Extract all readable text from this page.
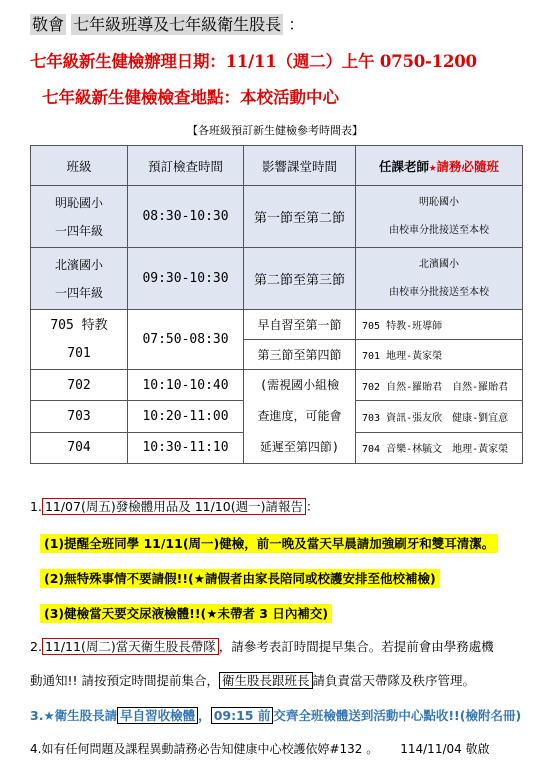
敬會 七年級班導及七年級衛生股長 ：
七年級新生健檢辦理日期：11/11（週二）上午 0750-1200
七年級新生健檢檢查地點：本校活動中心
【各班級預訂新生健檢參考時間表】
班級	預訂檢查時間	影響課堂時間	任課老師★請務必隨班

明恥國小
一四年級	08:30-10:30	第一節至第二節	明恥國小
由校車分批接送至本校

北濱國小
一四年級	09:30-10:30	第二節至第三節	北濱國小
由校車分批接送至本校

705 特教
701	07:50-08:30	早自習至第一節	705 特教-班導師
		第三節至第四節	701 地理-黃家榮
702	10:10-10:40	(需視國小組檢
查進度，可能會
延遲至第四節)	702 自然-羅貽君　自然-羅貽君
703	10:20-11:00		703 資訊-張友欣　健康-劉宜意
704	10:30-11:10		704 音樂-林毓文　地理-黃家榮
1. 11/07(周五)發檢體用品及 11/10(週一)請報告 ：
(1)提醒全班同學 11/11(周一)健檢，前一晚及當天早晨請加強刷牙和雙耳清潔。
(2)無特殊事情不要請假!!(★請假者由家長陪同或校護安排至他校補檢)
(3)健檢當天要交尿液檢體!!(★未帶者 3 日內補交)
2. 11/11(周二)當天衛生股長帶隊 ，請參考表訂時間提早集合。若提前會由學務處機
動通知!! 請按預定時間提前集合， 衛生股長跟班長 請負責當天帶隊及秩序管理。
3.★衛生股長請 早自習收檢體 ， 09:15 前 交齊全班檢體送到活動中心點收!!(檢附名冊)
4.如有任何問題及課程異動請務必告知健康中心校護依婷#132 。 114/11/04 敬啟
